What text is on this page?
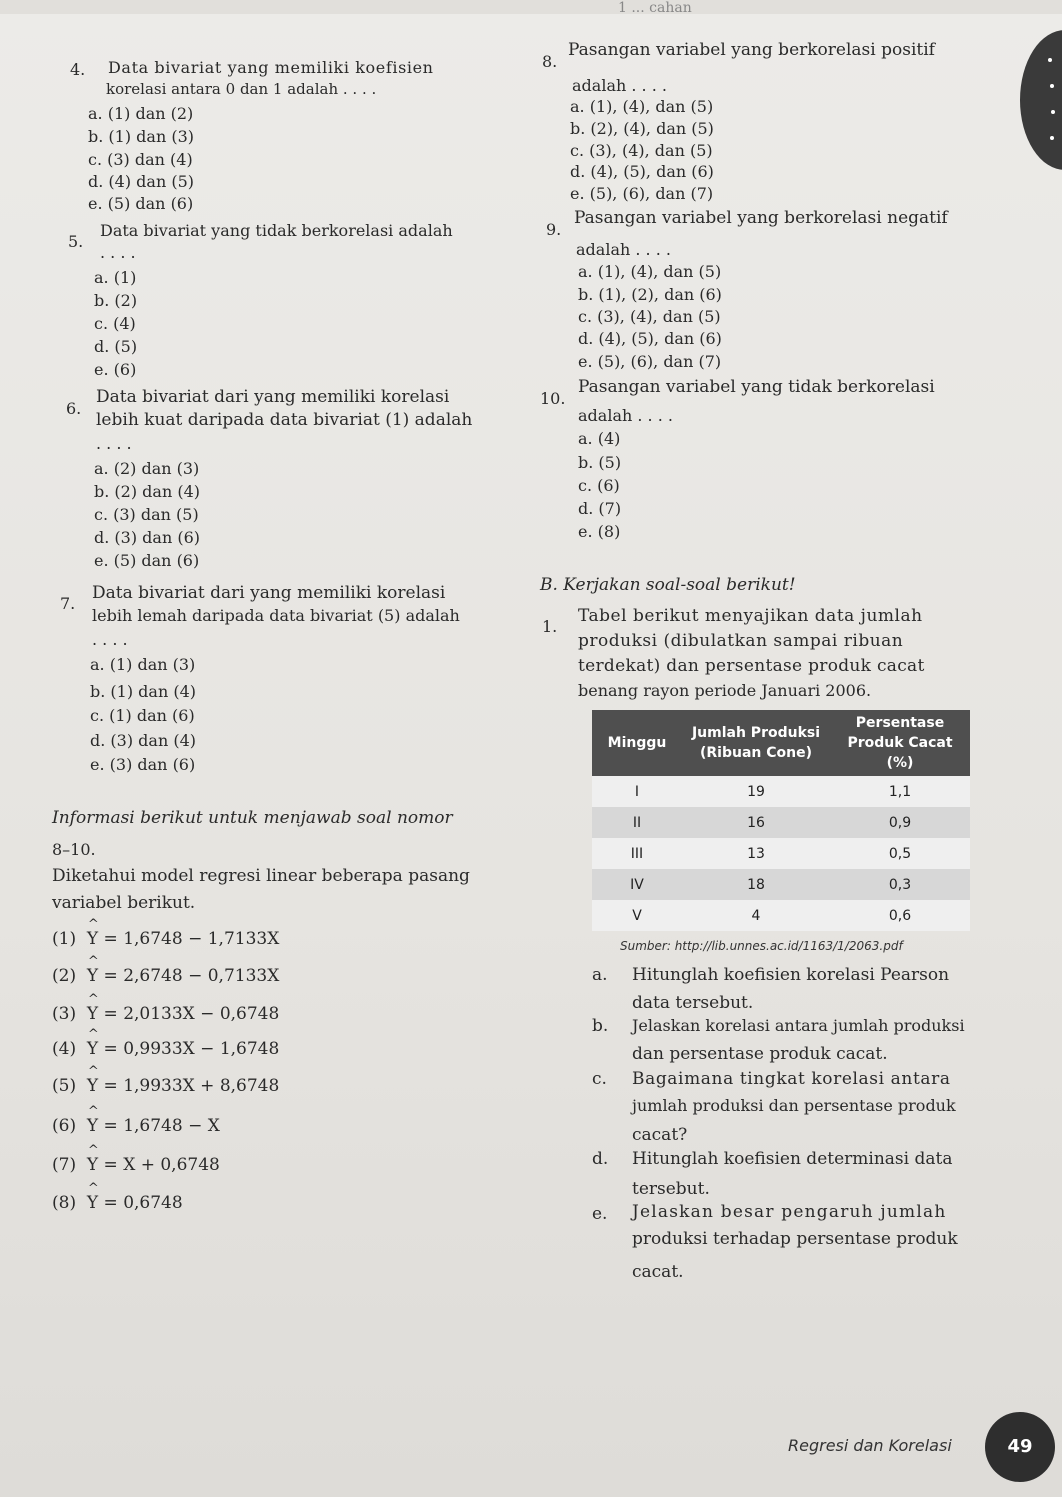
1 ... cahan
4. Data bivariat yang memiliki koefisien
korelasi antara 0 dan 1 adalah . . . .
a. (1) dan (2)
b. (1) dan (3)
c. (3) dan (4)
d. (4) dan (5)
e. (5) dan (6)
5.
Data bivariat yang tidak berkorelasi adalah
. . . .
a. (1)
b. (2)
c. (4)
d. (5)
e. (6)
6.
Data bivariat dari yang memiliki korelasi
lebih kuat daripada data bivariat (1) adalah
. . . .
a. (2) dan (3)
b. (2) dan (4)
c. (3) dan (5)
d. (3) dan (6)
e. (5) dan (6)
7.
Data bivariat dari yang memiliki korelasi
lebih lemah daripada data bivariat (5) adalah
. . . .
a. (1) dan (3)
b. (1) dan (4)
c. (1) dan (6)
d. (3) dan (4)
e. (3) dan (6)
Informasi berikut untuk menjawab soal nomor
8–10.
Diketahui model regresi linear beberapa pasang
variabel berikut.
(1) ^ Y = 1,6748 − 1,7133X
(2) ^ Y = 2,6748 − 0,7133X
(3) ^ Y = 2,0133X − 0,6748
(4) ^ Y = 0,9933X − 1,6748
(5) ^ Y = 1,9933X + 8,6748
(6) ^ Y = 1,6748 − X
(7) ^ Y = X + 0,6748
(8) ^ Y = 0,6748
8.
Pasangan variabel yang berkorelasi positif
adalah . . . .
a. (1), (4), dan (5)
b. (2), (4), dan (5)
c. (3), (4), dan (5)
d. (4), (5), dan (6)
e. (5), (6), dan (7)
9.
Pasangan variabel yang berkorelasi negatif
adalah . . . .
a. (1), (4), dan (5)
b. (1), (2), dan (6)
c. (3), (4), dan (5)
d. (4), (5), dan (6)
e. (5), (6), dan (7)
10.
Pasangan variabel yang tidak berkorelasi
adalah . . . .
a. (4)
b. (5)
c. (6)
d. (7)
e. (8)
B. Kerjakan soal-soal berikut!
1.
Tabel berikut menyajikan data jumlah
produksi (dibulatkan sampai ribuan
terdekat) dan persentase produk cacat
benang rayon periode Januari 2006.
Minggu	Jumlah Produksi (Ribuan Cone)	Persentase Produk Cacat (%)
I	19	1,1
II	16	0,9
III	13	0,5
IV	18	0,3
V	4	0,6
Sumber: http://lib.unnes.ac.id/1163/1/2063.pdf
a. Hitunglah koefisien korelasi Pearson
data tersebut.
b. Jelaskan korelasi antara jumlah produksi
dan persentase produk cacat.
c. Bagaimana tingkat korelasi antara
jumlah produksi dan persentase produk
cacat?
d. Hitunglah koefisien determinasi data
tersebut.
e. Jelaskan besar pengaruh jumlah
produksi terhadap persentase produk
cacat.
Regresi dan Korelasi	49
